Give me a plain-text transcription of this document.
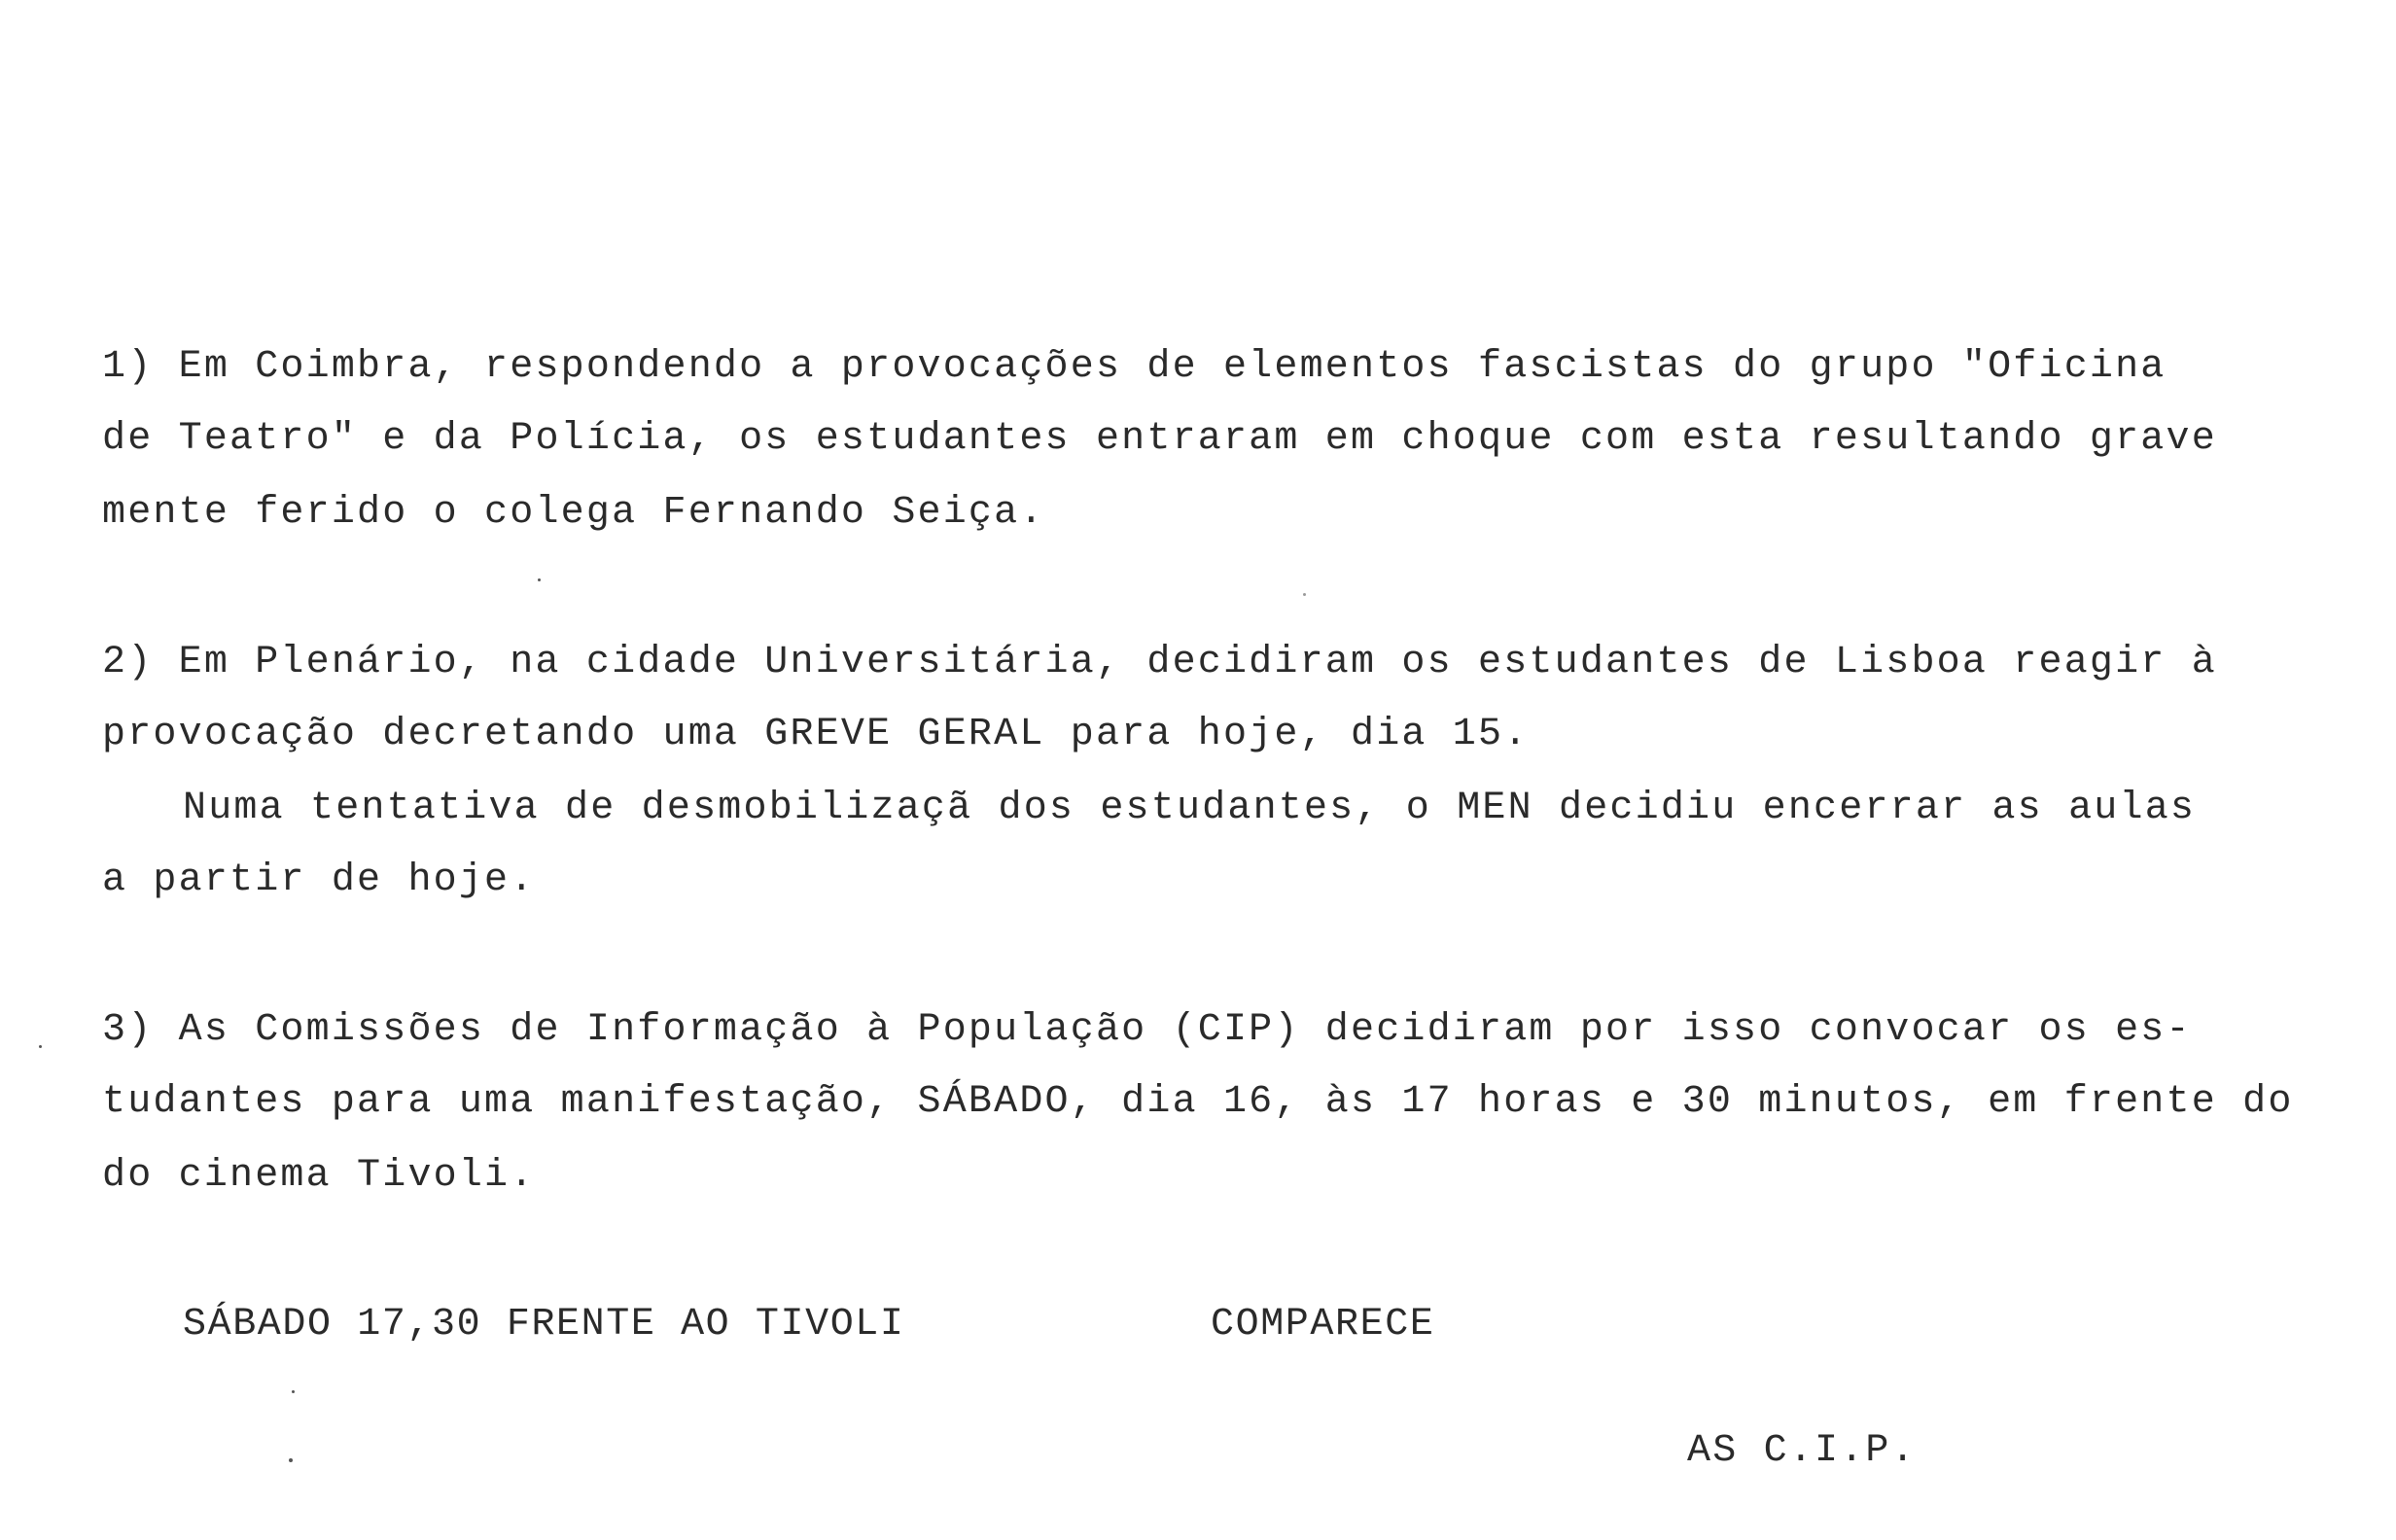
1) Em Coimbra, respondendo a provocações de elementos fascistas do grupo "Oficina
de Teatro" e da Polícia, os estudantes entraram em choque com esta resultando grave
mente ferido o colega Fernando Seiça.
2) Em Plenário, na cidade Universitária, decidiram os estudantes de Lisboa reagir à
provocação decretando uma GREVE GERAL para hoje, dia 15.
Numa tentativa de desmobilizaçã dos estudantes, o MEN decidiu encerrar as aulas
a partir de hoje.
3) As Comissões de Informação à População (CIP) decidiram por isso convocar os es-
tudantes para uma manifestação, SÁBADO, dia 16, às 17 horas e 30 minutos, em frente do
do cinema Tivoli.
SÁBADO 17,30 FRENTE AO TIVOLI	COMPARECE
AS C.I.P.
